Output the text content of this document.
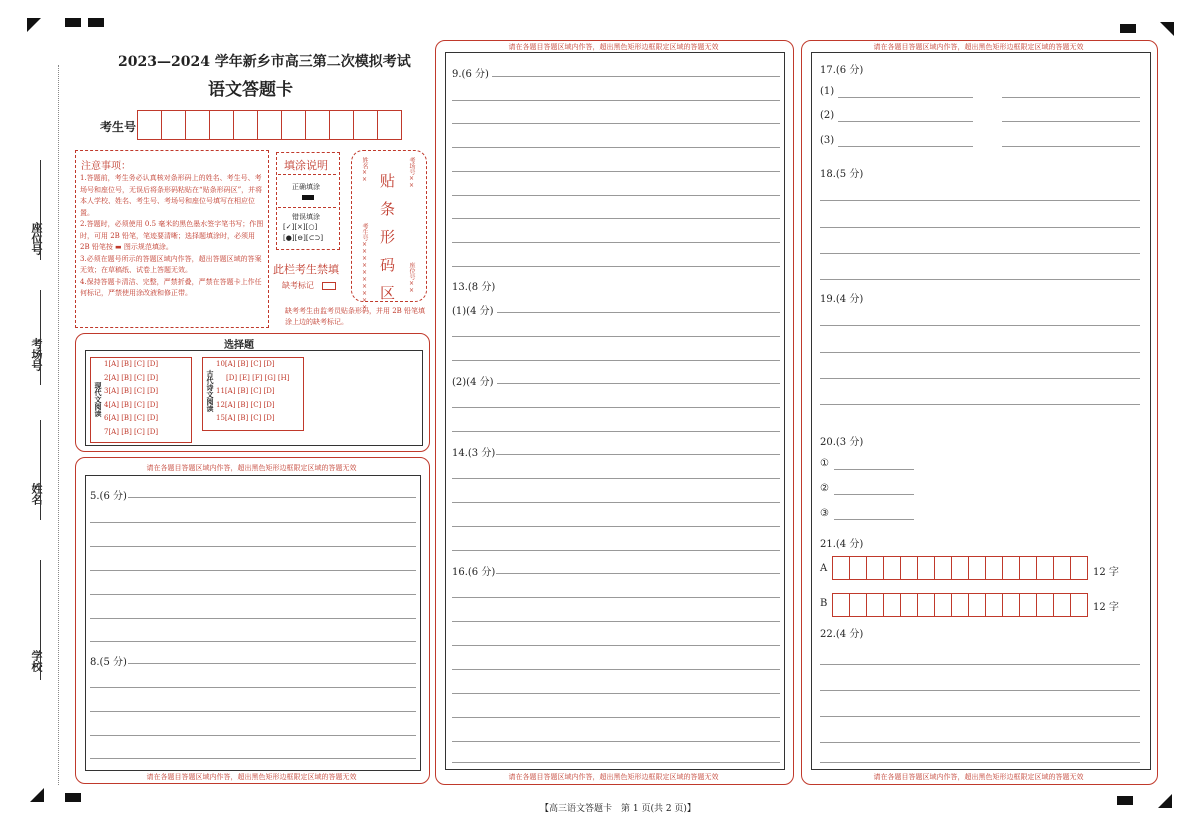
座位号
考场号
姓名
学校
2023—2024 学年新乡市高三第二次模拟考试
语文答题卡
考生号
注意事项：
1.答题前，考生务必认真核对条形码上的姓名、考生号、考场号和座位号，无误后将条形码粘贴在“贴条形码区”，并将本人学校、姓名、考生号、考场号和座位号填写在相应位置。
2.答题时，必须使用 0.5 毫米的黑色墨水签字笔书写；作图时，可用 2B 铅笔，笔迹要清晰；选择题填涂时，必须用 2B 铅笔按 ▬ 图示规范填涂。
3.必须在题号所示的答题区域内作答，超出答题区域的答案无效；在草稿纸、试卷上答题无效。
4.保持答题卡清洁、完整，严禁折叠，严禁在答题卡上作任何标记，严禁使用涂改液和修正带。
填涂说明
正确填涂
错误填涂
[✓][×][○]
[●][⊖][⊂⊃]
此栏考生禁填
缺考标记
贴条形码区
姓名××	考场号××
考生号××××××××××	座位号××
缺考考生由监考员贴条形码，并用 2B 铅笔填涂上边的缺考标记。
选择题
现代文阅读
1[A] [B] [C] [D]
2[A] [B] [C] [D]
3[A] [B] [C] [D]
4[A] [B] [C] [D]
6[A] [B] [C] [D]
7[A] [B] [C] [D]
古代诗文阅读
10[A] [B] [C] [D]
[D] [E] [F] [G] [H]
11[A] [B] [C] [D]
12[A] [B] [C] [D]
15[A] [B] [C] [D]
请在各题目答题区域内作答，超出黑色矩形边框限定区域的答题无效
请在各题目答题区域内作答，超出黑色矩形边框限定区域的答题无效
5.(6 分)
8.(5 分)
请在各题目答题区域内作答，超出黑色矩形边框限定区域的答题无效
请在各题目答题区域内作答，超出黑色矩形边框限定区域的答题无效
9.(6 分)
13.(8 分)
(1)(4 分)
(2)(4 分)
14.(3 分)
16.(6 分)
请在各题目答题区域内作答，超出黑色矩形边框限定区域的答题无效
请在各题目答题区域内作答，超出黑色矩形边框限定区域的答题无效
17.(6 分)
(1)
(2)
(3)
18.(5 分)
19.(4 分)
20.(3 分)
①
②
③
21.(4 分)
A	12 字
B	12 字
22.(4 分)
【高三语文答题卡　第 1 页(共 2 页)】
